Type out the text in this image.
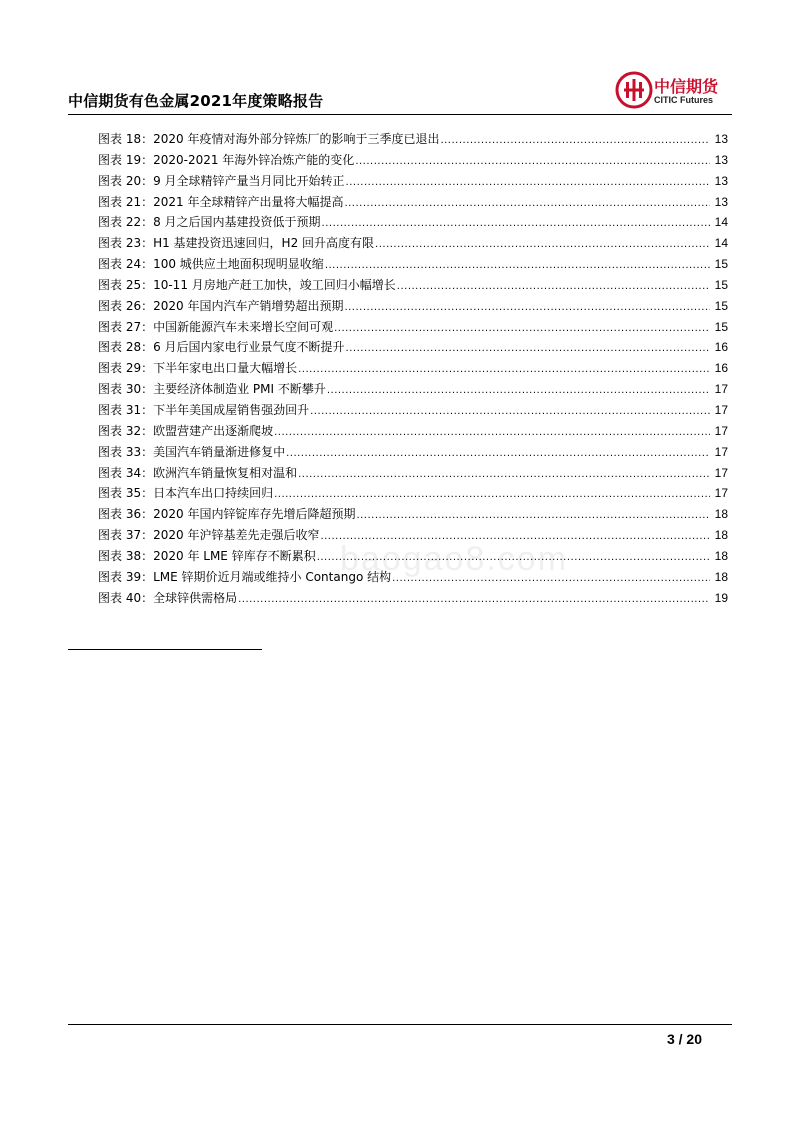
中信期货有色金属2021年度策略报告
中信期货
CITIC Futures
图表 18：2020 年疫情对海外部分锌炼厂的影响于三季度已退出 .....	13
图表 19：2020-2021 年海外锌冶炼产能的变化 .....	13
图表 20：9 月全球精锌产量当月同比开始转正 .....	13
图表 21：2021 年全球精锌产出量将大幅提高 .....	13
图表 22：8 月之后国内基建投资低于预期 .....	14
图表 23：H1 基建投资迅速回归，H2 回升高度有限 .....	14
图表 24：100 城供应土地面积现明显收缩 .....	15
图表 25：10-11 月房地产赶工加快，竣工回归小幅增长 .....	15
图表 26：2020 年国内汽车产销增势超出预期 .....	15
图表 27：中国新能源汽车未来增长空间可观 .....	15
图表 28：6 月后国内家电行业景气度不断提升 .....	16
图表 29：下半年家电出口量大幅增长 .....	16
图表 30：主要经济体制造业 PMI 不断攀升 .....	17
图表 31：下半年美国成屋销售强劲回升 .....	17
图表 32：欧盟营建产出逐渐爬坡 .....	17
图表 33：美国汽车销量渐进修复中 .....	17
图表 34：欧洲汽车销量恢复相对温和 .....	17
图表 35：日本汽车出口持续回归 .....	17
图表 36：2020 年国内锌锭库存先增后降超预期 .....	18
图表 37：2020 年沪锌基差先走强后收窄 .....	18
图表 38：2020 年 LME 锌库存不断累积 .....	18
图表 39：LME 锌期价近月端或维持小 Contango 结构 .....	18
图表 40：全球锌供需格局 .....	19
baogao8.com
3 / 20
